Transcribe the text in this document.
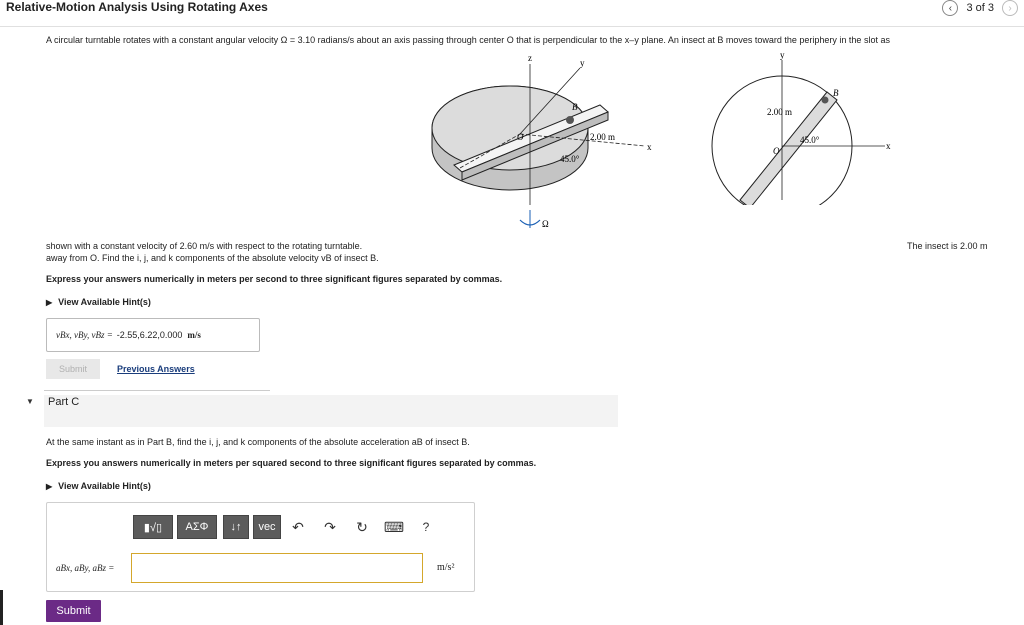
Relative-Motion Analysis Using Rotating Axes	‹	3 of 3	›
A circular turntable rotates with a constant angular velocity Ω = 3.10 radians/s about an axis passing through center O that is perpendicular to the x–y plane. An insect at B moves toward the periphery in the slot as
z	y
x
B
O	2.00 m
45.0°
Ω
y
x
B
O
2.00 m
45.0°
shown with a constant velocity of 2.60 m/s with respect to the rotating turntable.	The insect is 2.00 m
away from O. Find the i, j, and k components of the absolute velocity vB of insect B.
Express your answers numerically in meters per second to three significant figures separated by commas.
▶ View Available Hint(s)
vBx, vBy, vBz = -2.55,6.22,0.000 m/s
Submit	Previous Answers
▼ Part C
At the same instant as in Part B, find the i, j, and k components of the absolute acceleration aB of insect B.
Express you answers numerically in meters per squared second to three significant figures separated by commas.
▶ View Available Hint(s)
▮√▯	ΑΣΦ	↓↑	vec	↶	↷	↻	⌨	?
aBx, aBy, aBz =	m/s²
Submit
